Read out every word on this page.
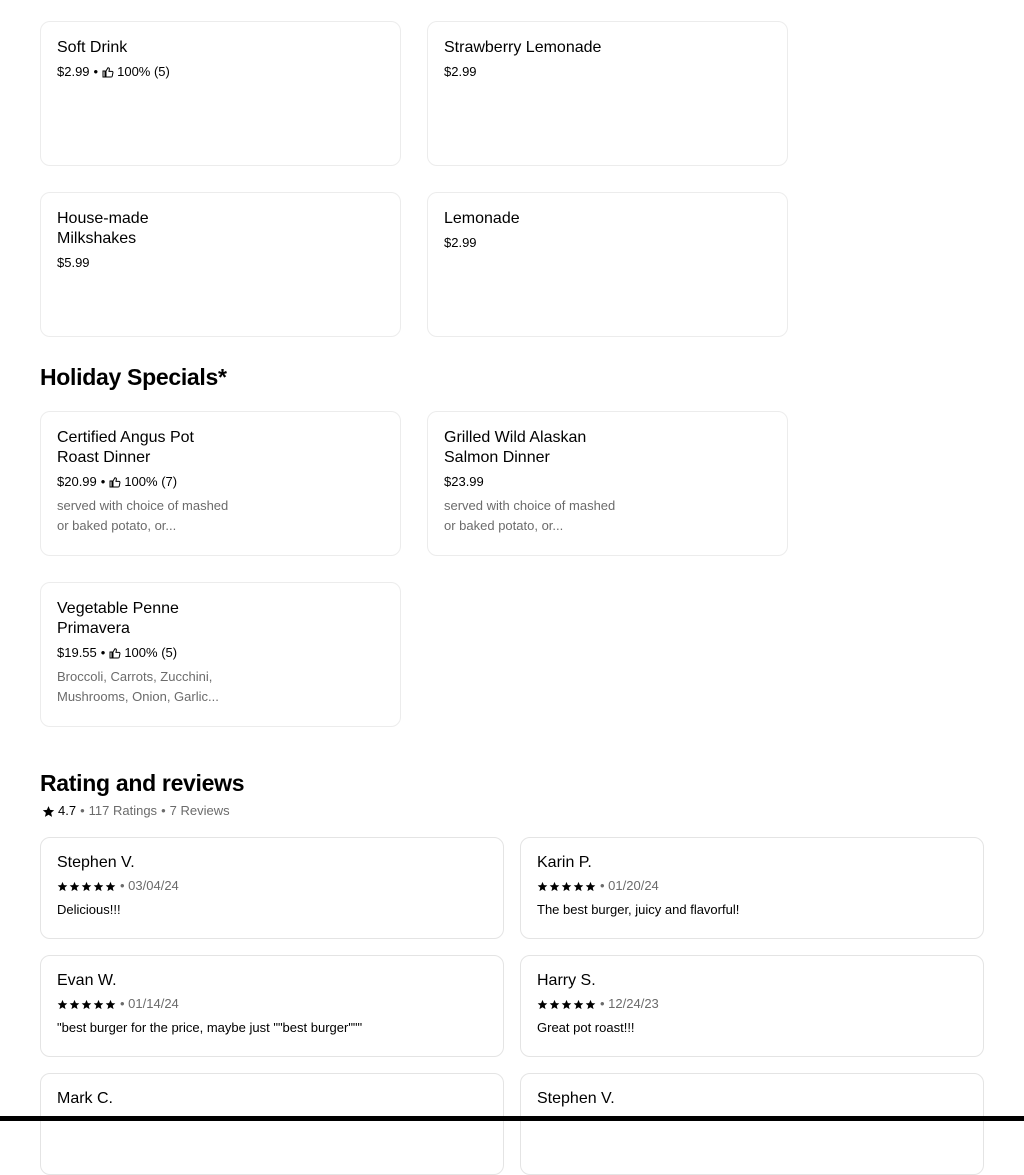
Soft Drink
$2.99 • 100% (5)
Strawberry Lemonade
$2.99
House-made Milkshakes
$5.99
Lemonade
$2.99
Holiday Specials*
Certified Angus Pot Roast Dinner
$20.99 • 100% (7)
served with choice of mashed or baked potato, or...
Grilled Wild Alaskan Salmon Dinner
$23.99
served with choice of mashed or baked potato, or...
Vegetable Penne Primavera
$19.55 • 100% (5)
Broccoli, Carrots, Zucchini, Mushrooms, Onion, Garlic...
Rating and reviews
4.7 • 117 Ratings • 7 Reviews
Stephen V.
• 03/04/24
Delicious!!!
Karin P.
• 01/20/24
The best burger, juicy and flavorful!
Evan W.
• 01/14/24
"best burger for the price, maybe just ""best burger"""
Harry S.
• 12/24/23
Great pot roast!!!
Mark C.	Stephen V.
